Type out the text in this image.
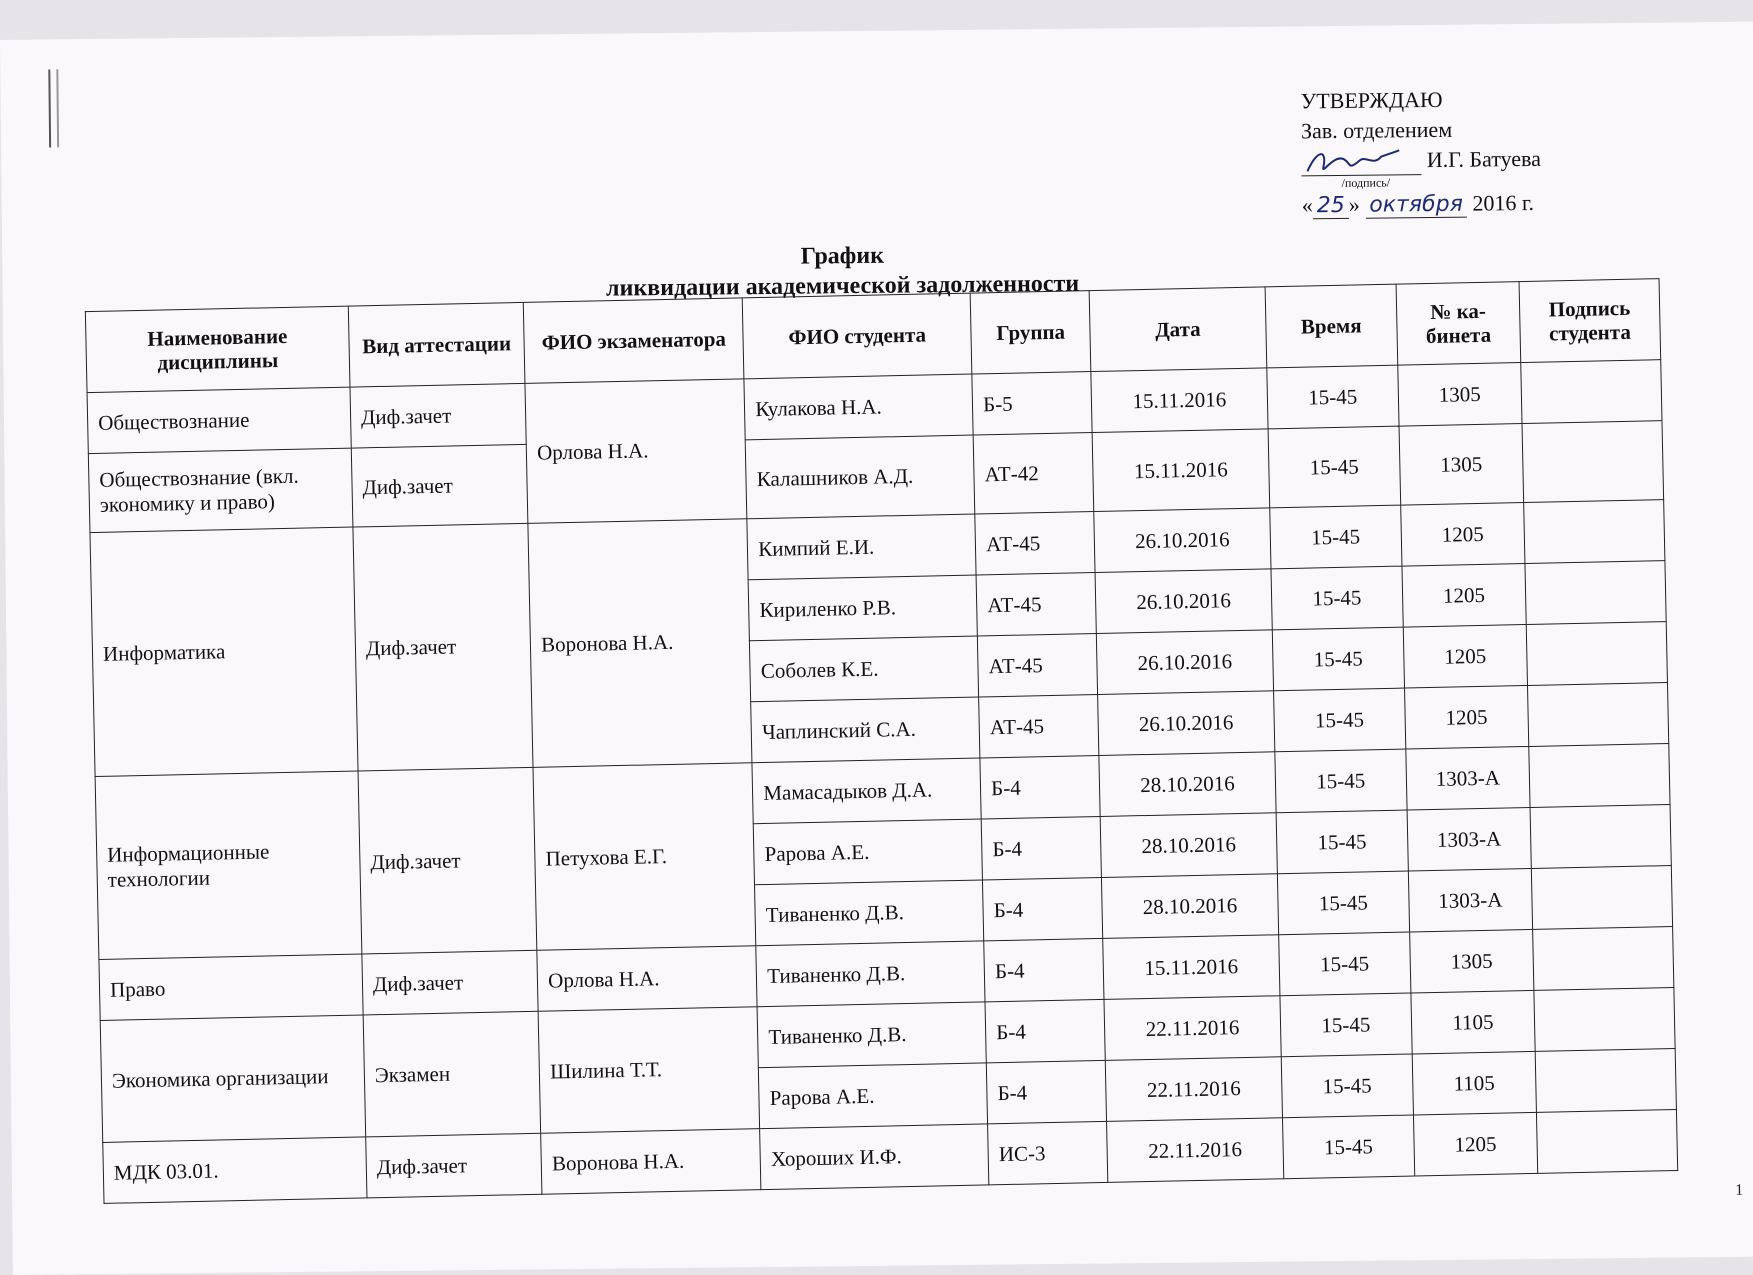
УТВЕРЖДАЮ
Зав. отделением
И.Г. Батуева
/подпись/
« 25 » октября 2016 г.
График
ликвидации академической задолженности
Наименование дисциплины	Вид аттестации	ФИО экзаменатора	ФИО студента	Группа	Дата	Время	№ ка-бинета	Подпись студента
Обществознание	Диф.зачет	Орлова Н.А.	Кулакова Н.А.	Б-5	15.11.2016	15-45	1305	
Обществознание (вкл. экономику и право)	Диф.зачет		Калашников А.Д.	АТ-42	15.11.2016	15-45	1305	
Информатика	Диф.зачет	Воронова Н.А.	Кимпий Е.И.	АТ-45	26.10.2016	15-45	1205	
			Кириленко Р.В.	АТ-45	26.10.2016	15-45	1205	
			Соболев К.Е.	АТ-45	26.10.2016	15-45	1205	
			Чаплинский С.А.	АТ-45	26.10.2016	15-45	1205	
Информационные технологии	Диф.зачет	Петухова Е.Г.	Мамасадыков Д.А.	Б-4	28.10.2016	15-45	1303-А	
			Рарова А.Е.	Б-4	28.10.2016	15-45	1303-А	
			Тиваненко Д.В.	Б-4	28.10.2016	15-45	1303-А	
Право	Диф.зачет	Орлова Н.А.	Тиваненко Д.В.	Б-4	15.11.2016	15-45	1305	
Экономика организации	Экзамен	Шилина Т.Т.	Тиваненко Д.В.	Б-4	22.11.2016	15-45	1105	
			Рарова А.Е.	Б-4	22.11.2016	15-45	1105	
МДК 03.01.	Диф.зачет	Воронова Н.А.	Хороших И.Ф.	ИС-3	22.11.2016	15-45	1205	
1
